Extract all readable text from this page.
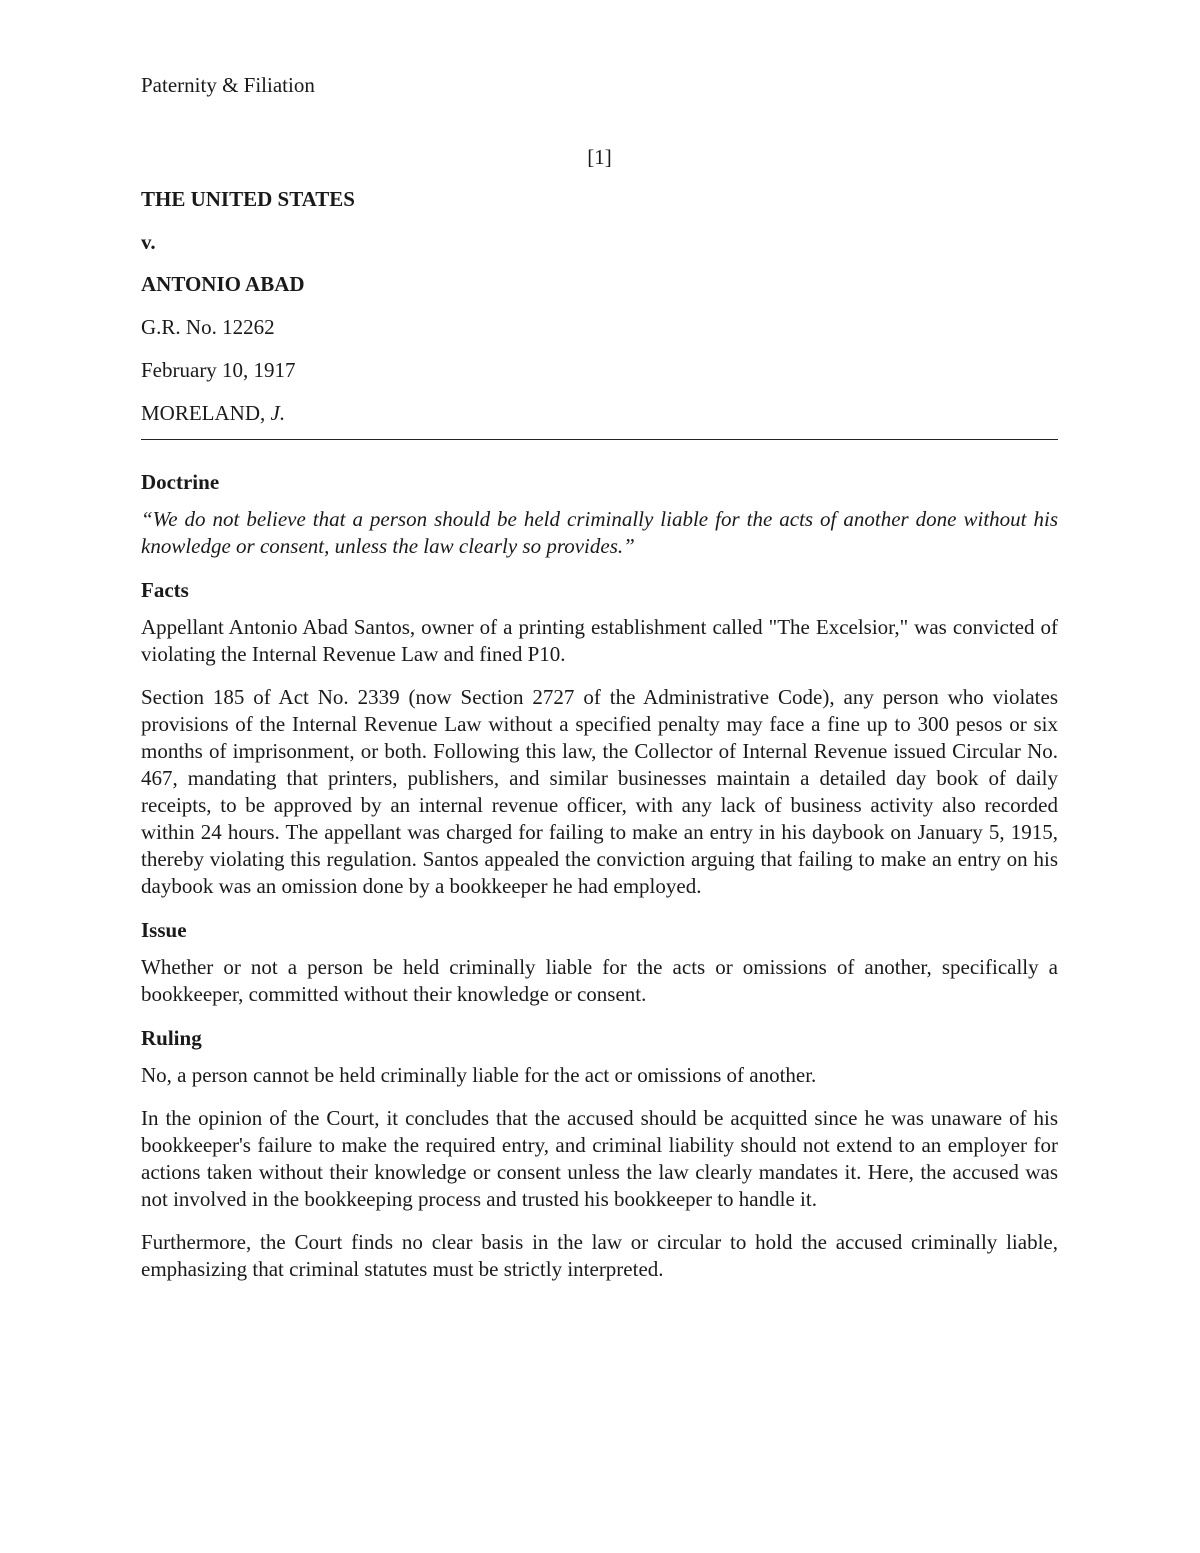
Paternity & Filiation
[1]
THE UNITED STATES
v.
ANTONIO ABAD
G.R. No. 12262
February 10, 1917
MORELAND, J.
Doctrine

“We do not believe that a person should be held criminally liable for the acts of another done without his knowledge or consent, unless the law clearly so provides.”

Facts

Appellant Antonio Abad Santos, owner of a printing establishment called "The Excelsior," was convicted of violating the Internal Revenue Law and fined P10.

Section 185 of Act No. 2339 (now Section 2727 of the Administrative Code), any person who violates provisions of the Internal Revenue Law without a specified penalty may face a fine up to 300 pesos or six months of imprisonment, or both. Following this law, the Collector of Internal Revenue issued Circular No. 467, mandating that printers, publishers, and similar businesses maintain a detailed day book of daily receipts, to be approved by an internal revenue officer, with any lack of business activity also recorded within 24 hours. The appellant was charged for failing to make an entry in his daybook on January 5, 1915, thereby violating this regulation. Santos appealed the conviction arguing that failing to make an entry on his daybook was an omission done by a bookkeeper he had employed.

Issue

Whether or not a person be held criminally liable for the acts or omissions of another, specifically a bookkeeper, committed without their knowledge or consent.

Ruling

No, a person cannot be held criminally liable for the act or omissions of another.

In the opinion of the Court, it concludes that the accused should be acquitted since he was unaware of his bookkeeper's failure to make the required entry, and criminal liability should not extend to an employer for actions taken without their knowledge or consent unless the law clearly mandates it. Here, the accused was not involved in the bookkeeping process and trusted his bookkeeper to handle it.

Furthermore, the Court finds no clear basis in the law or circular to hold the accused criminally liable, emphasizing that criminal statutes must be strictly interpreted.
